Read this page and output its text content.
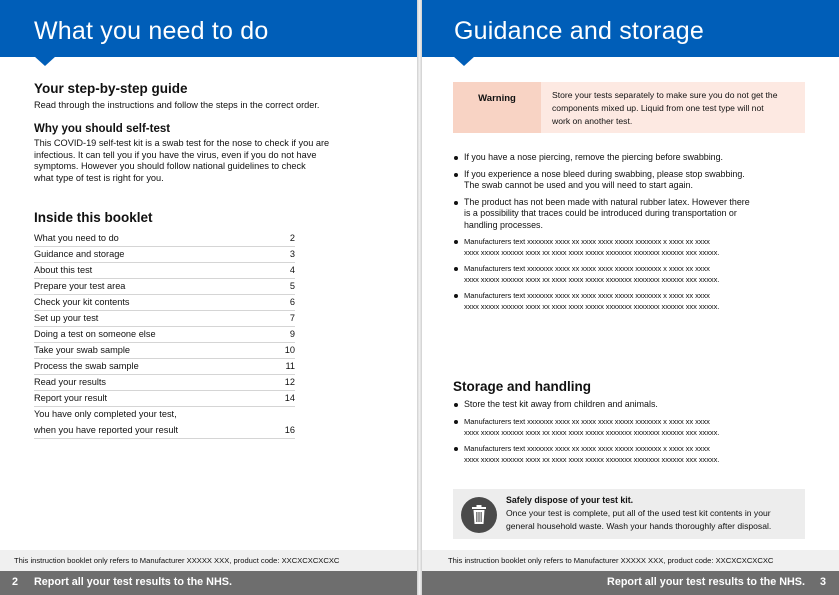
What you need to do
Your step-by-step guide

Read through the instructions and follow the steps in the correct order.

Why you should self-test
This COVID-19 self-test kit is a swab test for the nose to check if you are
infectious. It can tell you if you have the virus, even if you do not have
symptoms. However you should follow national guidelines to check
what type of test is right for you.
Inside this booklet
What you need to do	2
Guidance and storage	3
About this test	4
Prepare your test area	5
Check your kit contents	6
Set up your test	7
Doing a test on someone else	9
Take your swab sample	10
Process the swab sample	11
Read your results	12
Report your result	14
You have only completed your test,
when you have reported your result	16
This instruction booklet only refers to Manufacturer XXXXX XXX, product code: XXCXCXCXCXC
2 Report all your test results to the NHS.
Guidance and storage
Warning	Store your tests separately to make sure you do not get the
components mixed up. Liquid from one test type will not
work on another test.
If you have a nose piercing, remove the piercing before swabbing.
If you experience a nose bleed during swabbing, please stop swabbing.
The swab cannot be used and you will need to start again.
The product has not been made with natural rubber latex. However there
is a possibility that traces could be introduced during transportation or
handling processes.
Manufacturers text xxxxxxx xxxx xx xxxx xxxx xxxxx xxxxxxx x xxxx xx xxxx
xxxx xxxxx xxxxxx xxxx xx xxxx xxxx xxxxx xxxxxxx xxxxxxx xxxxxx xxx xxxxx.
Manufacturers text xxxxxxx xxxx xx xxxx xxxx xxxxx xxxxxxx x xxxx xx xxxx
xxxx xxxxx xxxxxx xxxx xx xxxx xxxx xxxxx xxxxxxx xxxxxxx xxxxxx xxx xxxxx.
Manufacturers text xxxxxxx xxxx xx xxxx xxxx xxxxx xxxxxxx x xxxx xx xxxx
xxxx xxxxx xxxxxx xxxx xx xxxx xxxx xxxxx xxxxxxx xxxxxxx xxxxxx xxx xxxxx.
Storage and handling
Store the test kit away from children and animals.
Manufacturers text xxxxxxx xxxx xx xxxx xxxx xxxxx xxxxxxx x xxxx xx xxxx
xxxx xxxxx xxxxxx xxxx xx xxxx xxxx xxxxx xxxxxxx xxxxxxx xxxxxx xxx xxxxx.
Manufacturers text xxxxxxx xxxx xx xxxx xxxx xxxxx xxxxxxx x xxxx xx xxxx
xxxx xxxxx xxxxxx xxxx xx xxxx xxxx xxxxx xxxxxxx xxxxxxx xxxxxx xxx xxxxx.
Safely dispose of your test kit.
Once your test is complete, put all of the used test kit contents in your
general household waste. Wash your hands thoroughly after disposal.
This instruction booklet only refers to Manufacturer XXXXX XXX, product code: XXCXCXCXCXC
Report all your test results to the NHS. 3
